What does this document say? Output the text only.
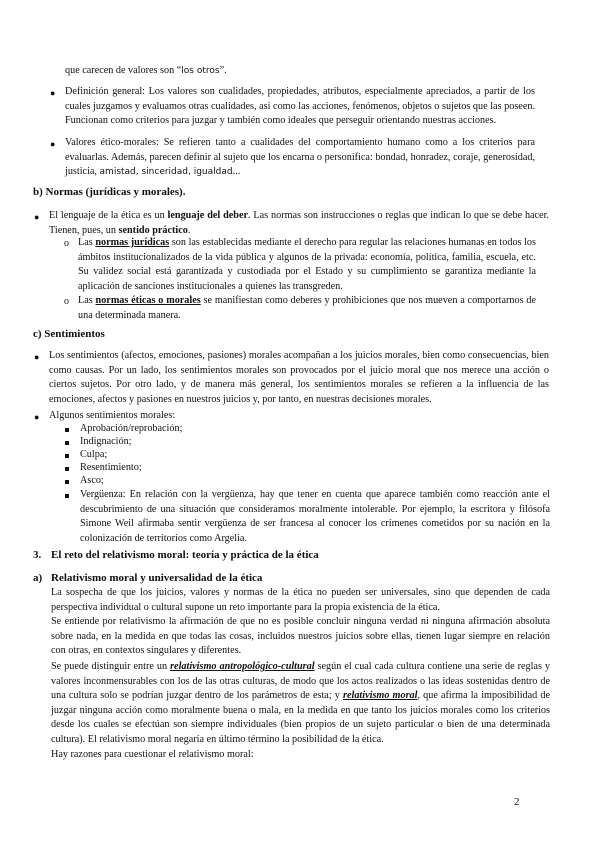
que carecen de valores son “los otros”.
● Definición general: Los valores son cualidades, propiedades, atributos, especialmente apreciados, a partir de los cuales juzgamos y evaluamos otras cualidades, así como las acciones, fenómenos, objetos o sujetos que las poseen. Funcionan como criterios para juzgar y también como ideales que perseguir orientando nuestras acciones.
● Valores ético-morales: Se refieren tanto a cualidades del comportamiento humano como a los criterios para evaluarlas. Además, parecen definir al sujeto que los encarna o personifica: bondad, honradez, coraje, generosidad, justicia, amistad, sinceridad, igualdad...
b) Normas (jurídicas y morales).
● El lenguaje de la ética es un lenguaje del deber. Las normas son instrucciones o reglas que indican lo que se debe hacer. Tienen, pues, un sentido práctico.
o Las normas jurídicas son las establecidas mediante el derecho para regular las relaciones humanas en todos los ámbitos institucionalizados de la vida pública y algunos de la privada: economía, política, familia, escuela, etc. Su validez social está garantizada y custodiada por el Estado y su cumplimiento se garantiza mediante la aplicación de sanciones institucionales a quienes las transgreden.
o Las normas éticas o morales se manifiestan como deberes y prohibiciones que nos mueven a comportarnos de una determinada manera.
c) Sentimientos
● Los sentimientos (afectos, emociones, pasiones) morales acompañan a los juicios morales, bien como consecuencias, bien como causas. Por un lado, los sentimientos morales son provocados por el juicio moral que nos merece una acción o ciertos sujetos. Por otro lado, y de manera más general, los sentimientos morales se refieren a la influencia de las emociones, afectos y pasiones en nuestros juicios y, por tanto, en nuestras decisiones morales.
● Algunos sentimientos morales:
Aprobación/reprobación;
Indignación;
Culpa;
Resentimiento;
Asco;
Vergüenza: En relación con la vergüenza, hay que tener en cuenta que aparece también como reacción ante el descubrimiento de una situación que consideramos moralmente intolerable. Por ejemplo, la escritora y filósofa Simone Weil afirmaba sentir vergüenza de ser francesa al conocer los crímenes cometidos por su nación en la colonización de territorios como Argelia.
3. El reto del relativismo moral: teoría y práctica de la ética
a) Relativismo moral y universalidad de la ética
La sospecha de que los juicios, valores y normas de la ética no pueden ser universales, sino que dependen de cada perspectiva individual o cultural supone un reto importante para la propia existencia de la ética.
Se entiende por relativismo la afirmación de que no es posible concluir ninguna verdad ni ninguna afirmación absoluta sobre nada, en la medida en que todas las cosas, incluidos nuestros juicios sobre ellas, tienen lugar siempre en relación con otras, en contextos singulares y diferentes.
Se puede distinguir entre un relativismo antropológico-cultural según el cual cada cultura contiene una serie de reglas y valores inconmensurables con los de las otras culturas, de modo que los actos realizados o las ideas sostenidas dentro de una cultura solo se podrían juzgar dentro de los parámetros de esta; y relativismo moral, que afirma la imposibilidad de juzgar ninguna acción como moralmente buena o mala, en la medida en que tanto los juicios morales como los criterios desde los cuales se efectúan son siempre individuales (bien propios de un sujeto particular o bien de una determinada cultura). El relativismo moral negaría en último término la posibilidad de la ética.
Hay razones para cuestionar el relativismo moral:
2
